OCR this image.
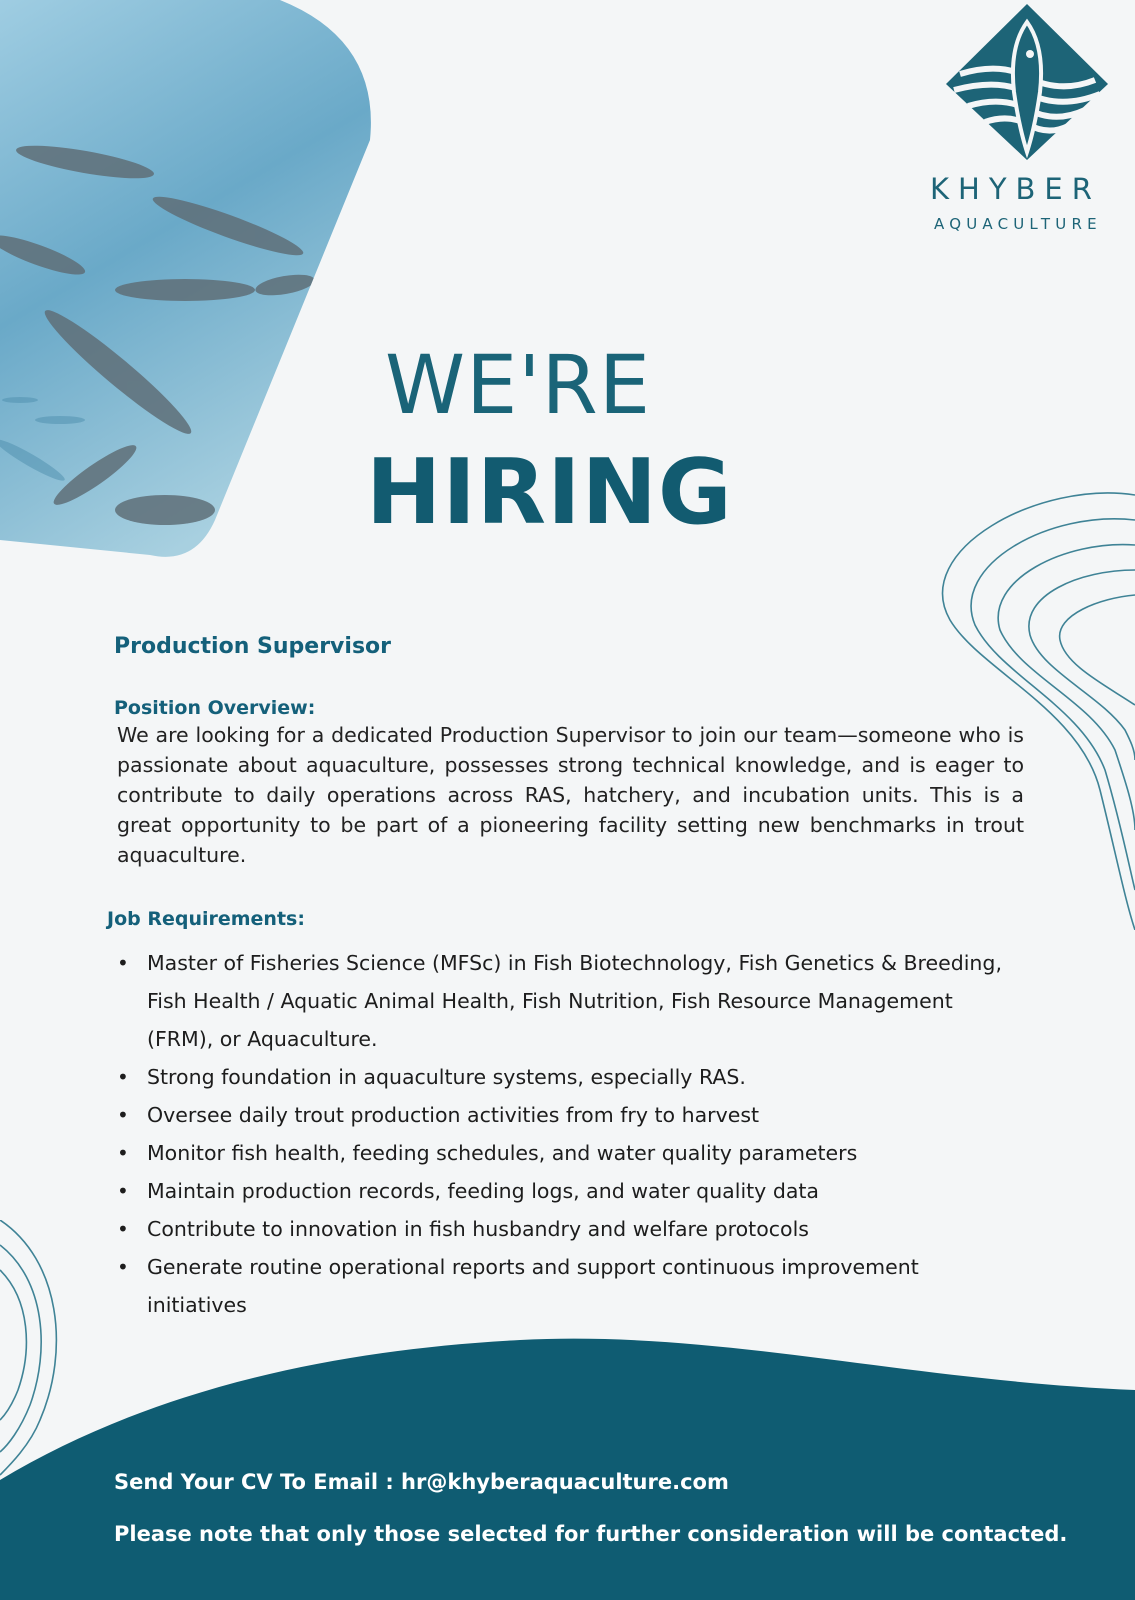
KHYBER
AQUACULTURE
WE'RE
HIRING
Production Supervisor
Position Overview:
We are looking for a dedicated Production Supervisor to join our team—someone who is passionate about aquaculture, possesses strong technical knowledge, and is eager to contribute to daily operations across RAS, hatchery, and incubation units. This is a great opportunity to be part of a pioneering facility setting new benchmarks in trout aquaculture.
Job Requirements:
• Master of Fisheries Science (MFSc) in Fish Biotechnology, Fish Genetics & Breeding, Fish Health / Aquatic Animal Health, Fish Nutrition, Fish Resource Management (FRM), or Aquaculture.
• Strong foundation in aquaculture systems, especially RAS.
• Oversee daily trout production activities from fry to harvest
• Monitor fish health, feeding schedules, and water quality parameters
• Maintain production records, feeding logs, and water quality data
• Contribute to innovation in fish husbandry and welfare protocols
• Generate routine operational reports and support continuous improvement initiatives
Send Your CV To Email : hr@khyberaquaculture.com
Please note that only those selected for further consideration will be contacted.
